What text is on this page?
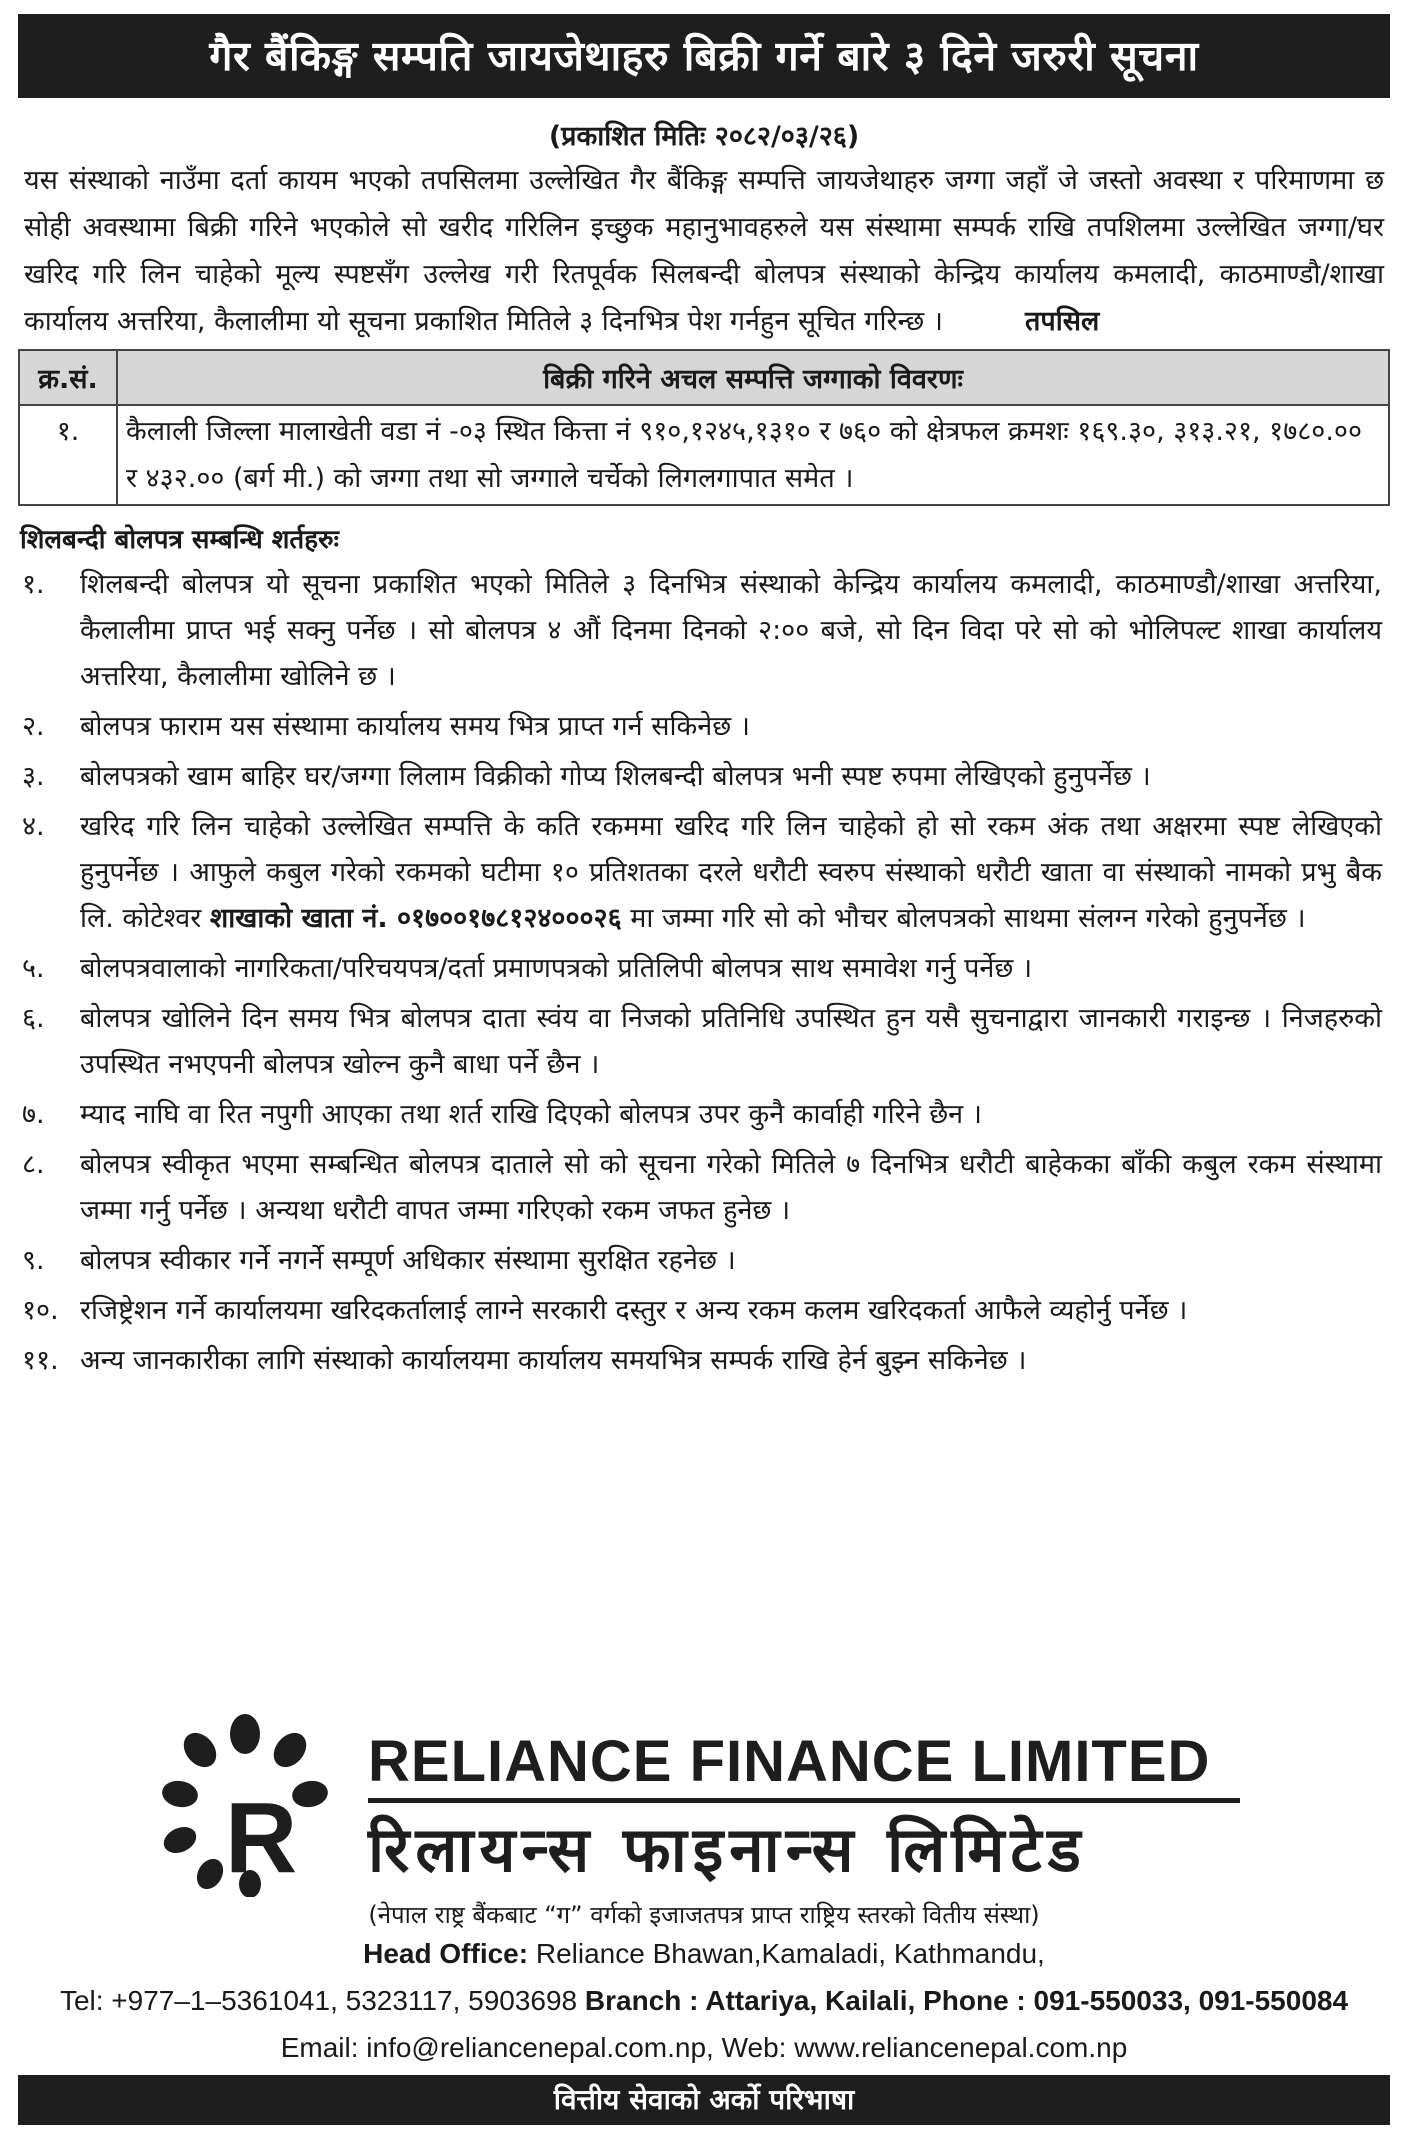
गैर बैंकिङ्ग सम्पति जायजेथाहरु बिक्री गर्ने बारे ३ दिने जरुरी सूचना
(प्रकाशित मितिः २०८२/०३/२६)
यस संस्थाको नाउँमा दर्ता कायम भएको तपसिलमा उल्लेखित गैर बैंकिङ्ग सम्पत्ति जायजेथाहरु जग्गा जहाँ जे जस्तो अवस्था र परिमाणमा छ सोही अवस्थामा बिक्री गरिने भएकोले सो खरीद गरिलिन इच्छुक महानुभावहरुले यस संस्थामा सम्पर्क राखि तपशिलमा उल्लेखित जग्गा/घर खरिद गरि लिन चाहेको मूल्य स्पष्टसँग उल्लेख गरी रितपूर्वक सिलबन्दी बोलपत्र संस्थाको केन्द्रिय कार्यालय कमलादी, काठमाण्डौ/शाखा कार्यालय अत्तरिया, कैलालीमा यो सूचना प्रकाशित मितिले ३ दिनभित्र पेश गर्नहुन सूचित गरिन्छ ।	तपसिल
क्र.सं.	बिक्री गरिने अचल सम्पत्ति जग्गाको विवरणः
१.	कैलाली जिल्ला मालाखेती वडा नं -०३ स्थित कित्ता नं ९१०,१२४५,१३१० र ७६० को क्षेत्रफल क्रमशः १६९.३०, ३१३.२१, १७८०.०० र ४३२.०० (बर्ग मी.) को जग्गा तथा सो जग्गाले चर्चेको लिगलगापात समेत ।
शिलबन्दी बोलपत्र सम्बन्धि शर्तहरुः
१.	शिलबन्दी बोलपत्र यो सूचना प्रकाशित भएको मितिले ३ दिनभित्र संस्थाको केन्द्रिय कार्यालय कमलादी, काठमाण्डौ/शाखा अत्तरिया, कैलालीमा प्राप्त भई सक्नु पर्नेछ । सो बोलपत्र ४ औं दिनमा दिनको २:०० बजे, सो दिन विदा परे सो को भोलिपल्ट शाखा कार्यालय अत्तरिया, कैलालीमा खोलिने छ ।
२.	बोलपत्र फाराम यस संस्थामा कार्यालय समय भित्र प्राप्त गर्न सकिनेछ ।
३.	बोलपत्रको खाम बाहिर घर/जग्गा लिलाम विक्रीको गोप्य शिलबन्दी बोलपत्र भनी स्पष्ट रुपमा लेखिएको हुनुपर्नेछ ।
४.	खरिद गरि लिन चाहेको उल्लेखित सम्पत्ति के कति रकममा खरिद गरि लिन चाहेको हो सो रकम अंक तथा अक्षरमा स्पष्ट लेखिएको हुनुपर्नेछ । आफुले कबुल गरेको रकमको घटीमा १० प्रतिशतका दरले धरौटी स्वरुप संस्थाको धरौटी खाता वा संस्थाको नामको प्रभु बैक लि. कोटेश्वर शाखाको खाता नं. ०१७००१७८१२४०००२६ मा जम्मा गरि सो को भौचर बोलपत्रको साथमा संलग्न गरेको हुनुपर्नेछ ।
५.	बोलपत्रवालाको नागरिकता/परिचयपत्र/दर्ता प्रमाणपत्रको प्रतिलिपी बोलपत्र साथ समावेश गर्नु पर्नेछ ।
६.	बोलपत्र खोलिने दिन समय भित्र बोलपत्र दाता स्वंय वा निजको प्रतिनिधि उपस्थित हुन यसै सुचनाद्वारा जानकारी गराइन्छ । निजहरुको उपस्थित नभएपनी बोलपत्र खोल्न कुनै बाधा पर्ने छैन ।
७.	म्याद नाघि वा रित नपुगी आएका तथा शर्त राखि दिएको बोलपत्र उपर कुनै कार्वाही गरिने छैन ।
८.	बोलपत्र स्वीकृत भएमा सम्बन्धित बोलपत्र दाताले सो को सूचना गरेको मितिले ७ दिनभित्र धरौटी बाहेकका बाँकी कबुल रकम संस्थामा जम्मा गर्नु पर्नेछ । अन्यथा धरौटी वापत जम्मा गरिएको रकम जफत हुनेछ ।
९.	बोलपत्र स्वीकार गर्ने नगर्ने सम्पूर्ण अधिकार संस्थामा सुरक्षित रहनेछ ।
१०. रजिष्ट्रेशन गर्ने कार्यालयमा खरिदकर्तालाई लाग्ने सरकारी दस्तुर र अन्य रकम कलम खरिदकर्ता आफैले व्यहोर्नु पर्नेछ ।
११. अन्य जानकारीका लागि संस्थाको कार्यालयमा कार्यालय समयभित्र सम्पर्क राखि हेर्न बुझ्न सकिनेछ ।
R
RELIANCE FINANCE LIMITED
रिलायन्स फाइनान्स लिमिटेड
(नेपाल राष्ट्र बैंकबाट “ग” वर्गको इजाजतपत्र प्राप्त राष्ट्रिय स्तरको वितीय संस्था)
Head Office: Reliance Bhawan,Kamaladi, Kathmandu,
Tel: +977–1–5361041, 5323117, 5903698 Branch : Attariya, Kailali, Phone : 091-550033, 091-550084
Email: info@reliancenepal.com.np, Web: www.reliancenepal.com.np
वित्तीय सेवाको अर्को परिभाषा
